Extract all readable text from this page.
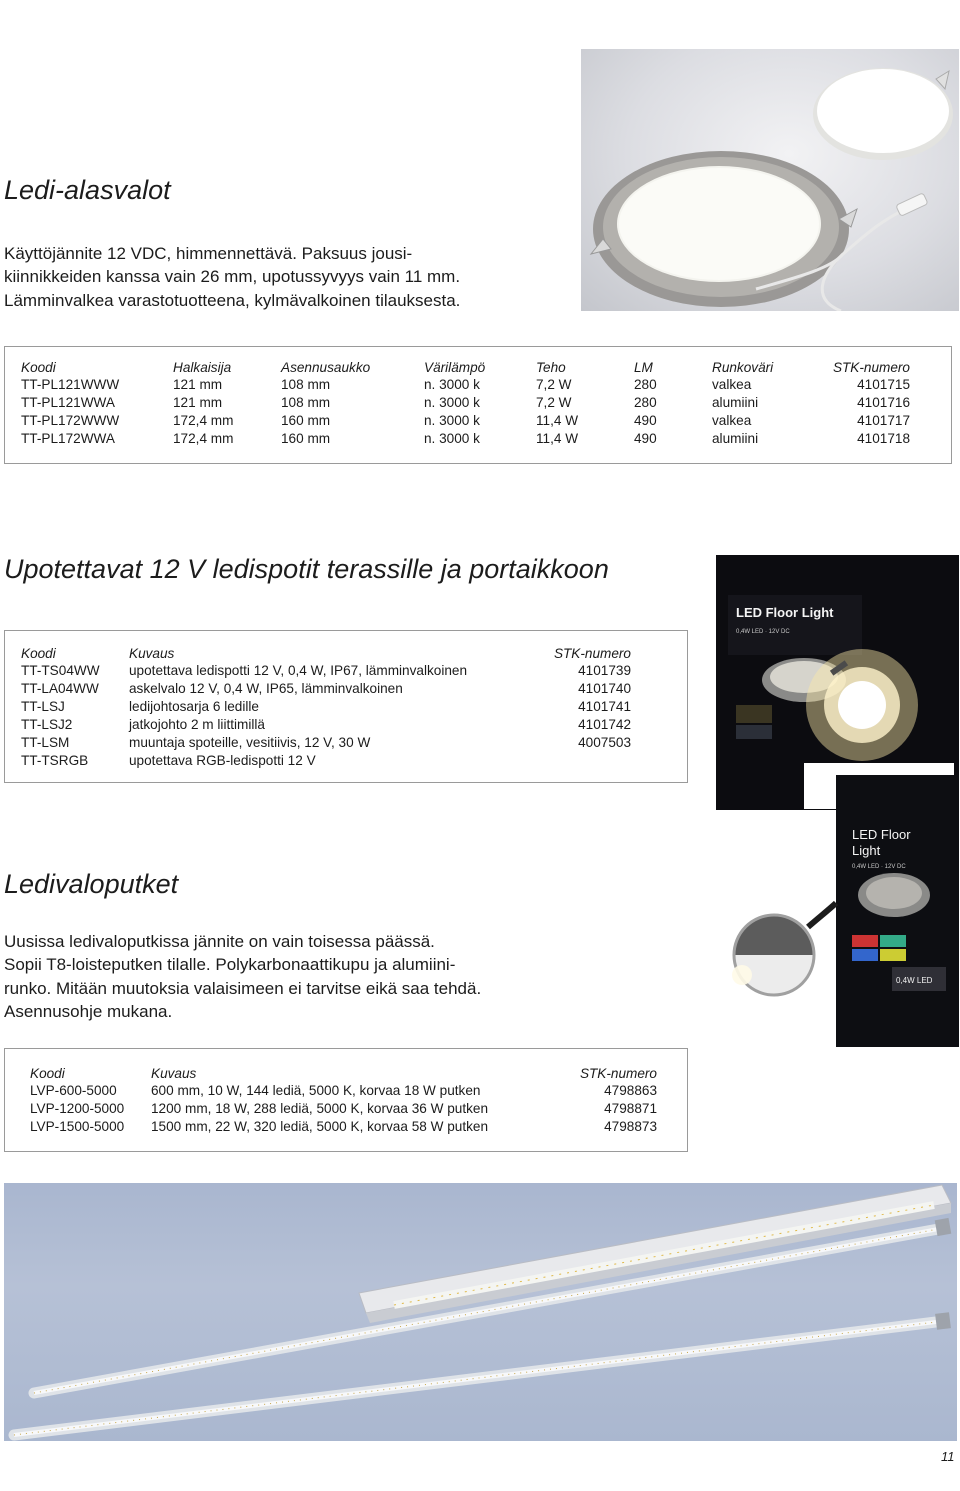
Ledi-alasvalot
Käyttöjännite 12 VDC, himmennettävä. Paksuus jousi-
kiinnikkeiden kanssa vain 26 mm, upotussyvyys vain 11 mm.
Lämminvalkea varastotuotteena, kylmävalkoinen tilauksesta.
Koodi	Halkaisija	Asennusaukko	Värilämpö	Teho	LM	Runkoväri	STK-numero
TT-PL121WWW	121 mm	108 mm	n. 3000 k	7,2 W	280	valkea	4101715
TT-PL121WWA	121 mm	108 mm	n. 3000 k	7,2 W	280	alumiini	4101716
TT-PL172WWW	172,4 mm	160 mm	n. 3000 k	11,4 W	490	valkea	4101717
TT-PL172WWA	172,4 mm	160 mm	n. 3000 k	11,4 W	490	alumiini	4101718
Upotettavat 12 V ledispotit terassille ja portaikkoon
LED Floor Light
0,4W LED · 12V DC
LED Floor
Light
0,4W LED · 12V DC
0,4W LED
Koodi	Kuvaus	STK-numero
TT-TS04WW	upotettava ledispotti 12 V, 0,4 W, IP67, lämminvalkoinen	4101739
TT-LA04WW	askelvalo 12 V, 0,4 W, IP65, lämminvalkoinen	4101740
TT-LSJ	ledijohtosarja 6 ledille	4101741
TT-LSJ2	jatkojohto 2 m liittimillä	4101742
TT-LSM	muuntaja spoteille, vesitiivis, 12 V, 30 W	4007503
TT-TSRGB	upotettava RGB-ledispotti 12 V	
Ledivaloputket
Uusissa ledivaloputkissa jännite on vain toisessa päässä.
Sopii T8-loisteputken tilalle. Polykarbonaattikupu ja alumiini-
runko. Mitään muutoksia valaisimeen ei tarvitse eikä saa tehdä.
Asennusohje mukana.
Koodi	Kuvaus	STK-numero
LVP-600-5000	600 mm, 10 W, 144 lediä, 5000 K, korvaa 18 W putken	4798863
LVP-1200-5000	1200 mm, 18 W, 288 lediä, 5000 K, korvaa 36 W putken	4798871
LVP-1500-5000	1500 mm, 22 W, 320 lediä, 5000 K, korvaa 58 W putken	4798873
11
